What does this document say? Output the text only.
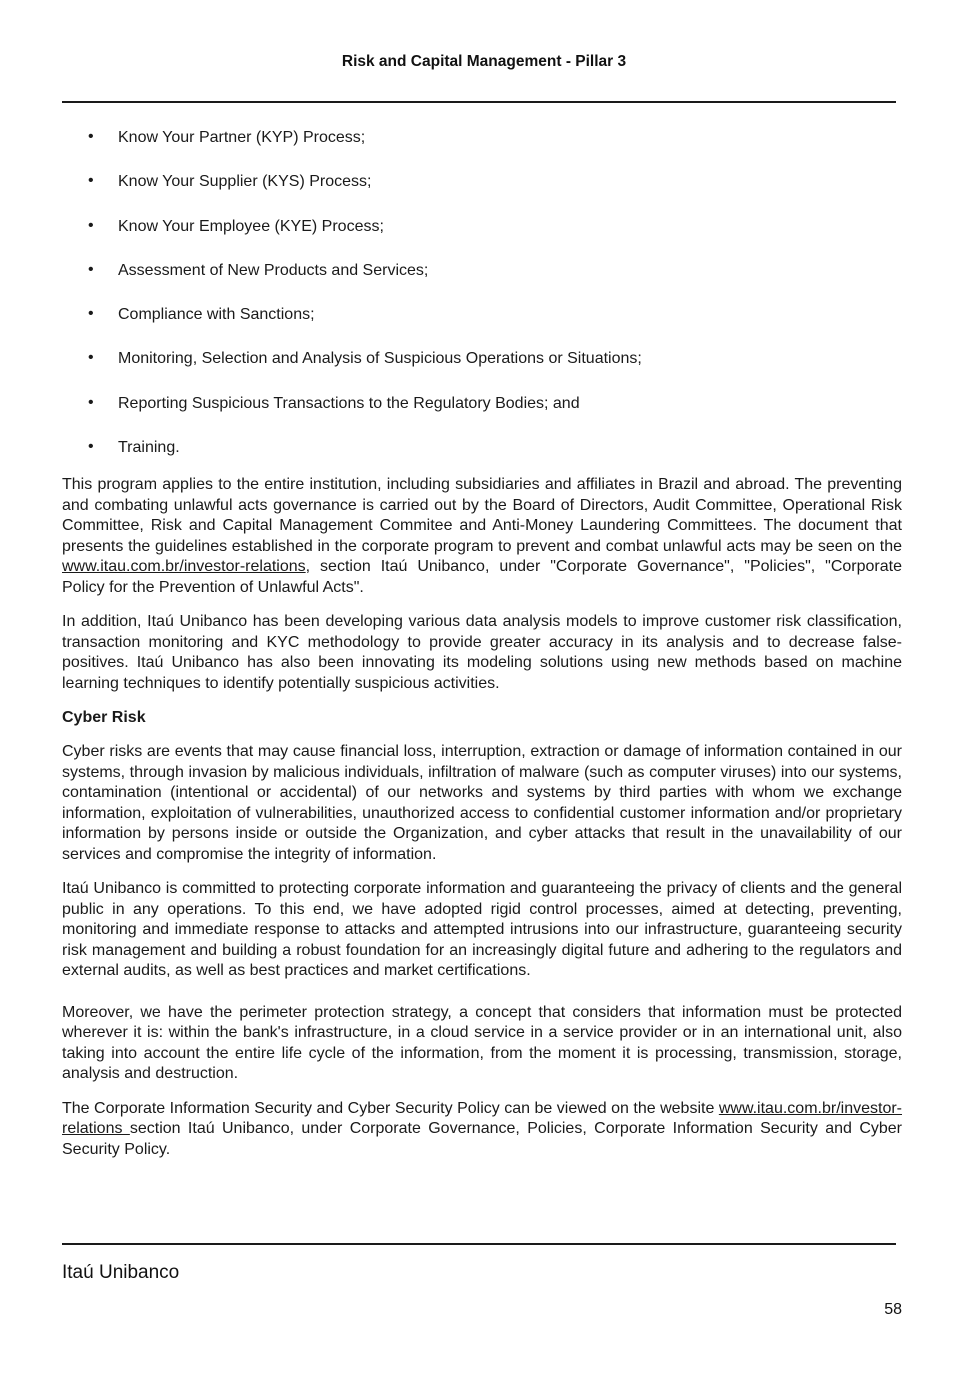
Risk and Capital Management - Pillar 3
• Know Your Partner (KYP) Process;
• Know Your Supplier (KYS) Process;
• Know Your Employee (KYE) Process;
• Assessment of New Products and Services;
• Compliance with Sanctions;
• Monitoring, Selection and Analysis of Suspicious Operations or Situations;
• Reporting Suspicious Transactions to the Regulatory Bodies; and
• Training.

This program applies to the entire institution, including subsidiaries and affiliates in Brazil and abroad. The preventing and combating unlawful acts governance is carried out by the Board of Directors, Audit Committee, Operational Risk Committee, Risk and Capital Management Commitee and Anti-Money Laundering Committees. The document that presents the guidelines established in the corporate program to prevent and combat unlawful acts may be seen on the www.itau.com.br/investor-relations, section Itaú Unibanco, under "Corporate Governance", "Policies", "Corporate Policy for the Prevention of Unlawful Acts".

In addition, Itaú Unibanco has been developing various data analysis models to improve customer risk classification, transaction monitoring and KYC methodology to provide greater accuracy in its analysis and to decrease false-positives. Itaú Unibanco has also been innovating its modeling solutions using new methods based on machine learning techniques to identify potentially suspicious activities.

Cyber Risk

Cyber risks are events that may cause financial loss, interruption, extraction or damage of information contained in our systems, through invasion by malicious individuals, infiltration of malware (such as computer viruses) into our systems, contamination (intentional or accidental) of our networks and systems by third parties with whom we exchange information, exploitation of vulnerabilities, unauthorized access to confidential customer information and/or proprietary information by persons inside or outside the Organization, and cyber attacks that result in the unavailability of our services and compromise the integrity of information.

Itaú Unibanco is committed to protecting corporate information and guaranteeing the privacy of clients and the general public in any operations. To this end, we have adopted rigid control processes, aimed at detecting, preventing, monitoring and immediate response to attacks and attempted intrusions into our infrastructure, guaranteeing security risk management and building a robust foundation for an increasingly digital future and adhering to the regulators and external audits, as well as best practices and market certifications.

Moreover, we have the perimeter protection strategy, a concept that considers that information must be protected wherever it is: within the bank's infrastructure, in a cloud service in a service provider or in an international unit, also taking into account the entire life cycle of the information, from the moment it is processing, transmission, storage, analysis and destruction.

The Corporate Information Security and Cyber Security Policy can be viewed on the website www.itau.com.br/investor-relations section Itaú Unibanco, under Corporate Governance, Policies, Corporate Information Security and Cyber Security Policy.

Itaú Unibanco
58
